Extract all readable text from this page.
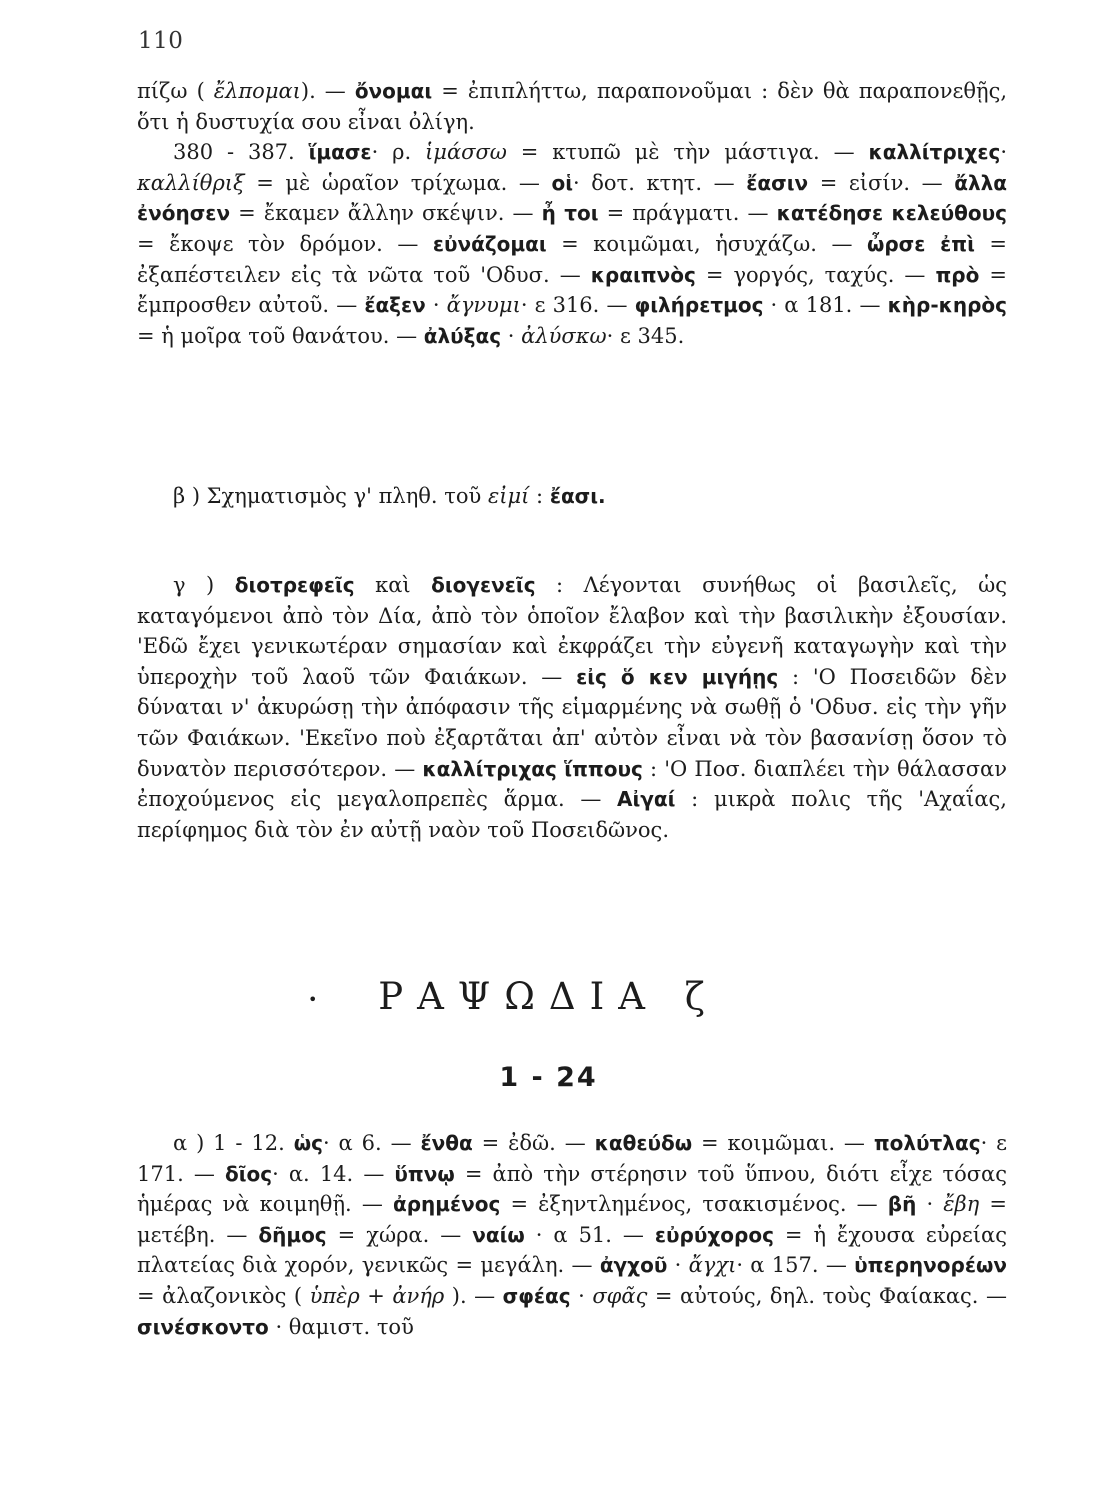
110

πίζω ( ἔλπομαι). — ὄνομαι = ἐπιπλήττω, παραπονοῦμαι : δὲν θὰ παραπονεθῇς, ὅτι ἡ δυστυχία σου εἶναι ὀλίγη.

380 - 387. ἵμασε· ρ. ἱμάσσω = κτυπῶ μὲ τὴν μάστιγα. — καλλίτριχες· καλλίθριξ = μὲ ὡραῖον τρίχωμα. — οἱ· δοτ. κτητ. — ἔασιν = εἰσίν. — ἄλλα ἐνόησεν = ἔκαμεν ἄλλην σκέψιν. — ἦ τοι = πράγματι. — κατέδησε κελεύθους = ἔκοψε τὸν δρόμον. — εὐνάζομαι = κοιμῶμαι, ἡσυχάζω. — ὦρσε ἐπὶ = ἐξαπέστειλεν εἰς τὰ νῶτα τοῦ 'Οδυσ. — κραιπνὸς = γοργός, ταχύς. — πρὸ = ἔμπροσθεν αὐτοῦ. — ἔαξεν · ἄγνυμι· ε 316. — φιλήρετμος · α 181. — κὴρ-κηρὸς = ἡ μοῖρα τοῦ θανάτου. — ἀλύξας · ἀλύσκω· ε 345.

β ) Σχηματισμὸς γ' πληθ. τοῦ εἰμί : ἔασι.

γ ) διοτρεφεῖς καὶ διογενεῖς : Λέγονται συνήθως οἱ βασιλεῖς, ὡς καταγόμενοι ἀπὸ τὸν Δία, ἀπὸ τὸν ὁποῖον ἔλαβον καὶ τὴν βασιλικὴν ἐξουσίαν. 'Εδῶ ἔχει γενικωτέραν σημασίαν καὶ ἐκφράζει τὴν εὐγενῆ καταγωγὴν καὶ τὴν ὑπεροχὴν τοῦ λαοῦ τῶν Φαιάκων. — εἰς ὅ κεν μιγήῃς : 'Ο Ποσειδῶν δὲν δύναται ν' ἀκυρώσῃ τὴν ἀπόφασιν τῆς εἱμαρμένης νὰ σωθῇ ὁ 'Οδυσ. εἰς τὴν γῆν τῶν Φαιάκων. 'Εκεῖνο ποὺ ἐξαρτᾶται ἀπ' αὐτὸν εἶναι νὰ τὸν βασανίσῃ ὅσον τὸ δυνατὸν περισσότερον. — καλλίτριχας ἵππους : 'Ο Ποσ. διαπλέει τὴν θάλασσαν ἐποχούμενος εἰς μεγαλοπρεπὲς ἅρμα. — Αἰγαί : μικρὰ πολις τῆς 'Αχαΐας, περίφημος διὰ τὸν ἐν αὐτῇ ναὸν τοῦ Ποσειδῶνος.

•	ΡΑΨΩΔΙΑ ζ
1 - 24

α ) 1 - 12. ὡς· α 6. — ἔνθα = ἐδῶ. — καθεύδω = κοιμῶμαι. — πολύτλας· ε 171. — δῖος· α. 14. — ὕπνῳ = ἀπὸ τὴν στέρησιν τοῦ ὕπνου, διότι εἶχε τόσας ἡμέρας νὰ κοιμηθῇ. — ἀρημένος = ἐξηντλημένος, τσακισμένος. — βῆ · ἔβη = μετέβη. — δῆμος = χώρα. — ναίω · α 51. — εὐρύχορος = ἡ ἔχουσα εὐρείας πλατείας διὰ χορόν, γενικῶς = μεγάλη. — ἀγχοῦ · ἄγχι· α 157. — ὑπερηνορέων = ἀλαζονικὸς ( ὑπὲρ + ἀνήρ ). — σφέας · σφᾶς = αὐτούς, δηλ. τοὺς Φαίακας. — σινέσκοντο · θαμιστ. τοῦ
